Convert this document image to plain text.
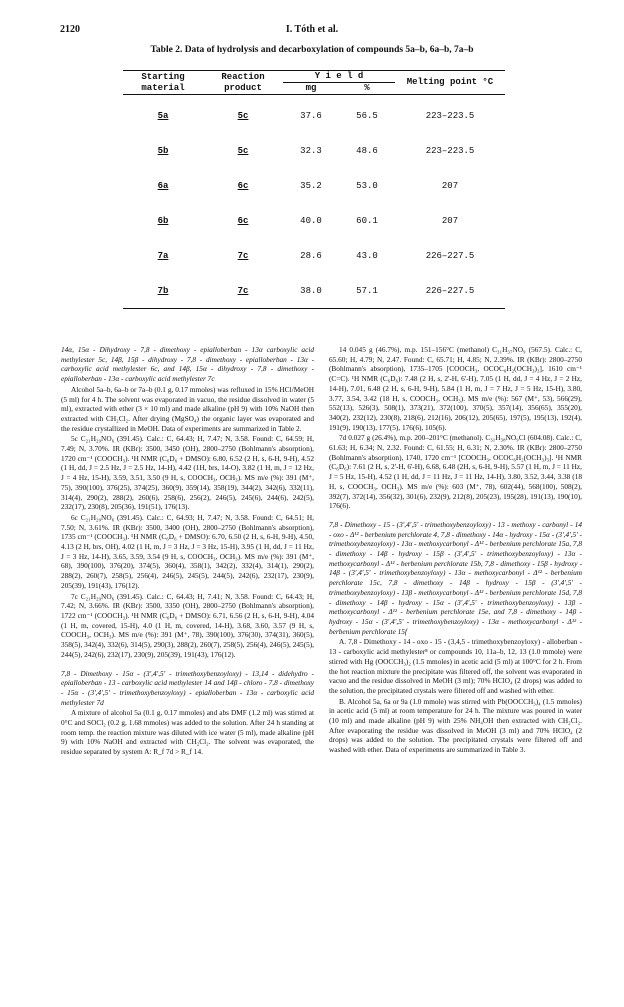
2120	I. Tóth et al.
Table 2. Data of hydrolysis and decarboxylation of compounds 5a–b, 6a–b, 7a–b
Starting material	Reaction product	Y i e l d		Melting point °C
		mg	%	

5a	5c	37.6	56.5	223–223.5
5b	5c	32.3	48.6	223–223.5
6a	6c	35.2	53.0	207
6b	6c	40.0	60.1	207
7a	7c	28.6	43.0	226–227.5
7b	7c	38.0	57.1	226–227.5

14α, 15α - Dihydroxy - 7,8 - dimethoxy - epialloberban - 13α carboxylic acid methylester 5c, 14β, 15β - dihydroxy - 7,8 - dimethoxy - epialloberban - 13α - carboxylic acid methylester 6c, and 14β, 15α - dihydroxy - 7,8 - dimethoxy - epialloberban - 13α - carboxylic acid methylester 7c

Alcohol 5a–b, 6a–b or 7a–b (0.1 g, 0.17 mmoles) was refluxed in 15% HCl/MeOH (5 ml) for 4 h. The solvent was evaporated in vacuo, the residue dissolved in water (5 ml), extracted with ether (3 × 10 ml) and made alkaline (pH 9) with 10% NaOH then extracted with CH₂Cl₂. After drying (MgSO₄) the organic layer was evaporated and the residue crystallized in MeOH. Data of experiments are summarized in Table 2.

5c C₂₁H₂₉NO₆ (391.45). Calc.: C, 64.43; H, 7.47; N, 3.58. Found: C, 64.59; H, 7.49; N, 3.70%. IR (KBr): 3500, 3450 (OH), 2800–2750 (Bohlmann's absorption), 1720 cm⁻¹ (COOCH₃). ¹H NMR (C₆D₆ + DMSO): 6.80, 6.52 (2 H, s, 6-H, 9-H), 4.52 (1 H, dd, J = 2.5 Hz, J = 2.5 Hz, 14-H), 4.42 (1H, brs, 14-O), 3.82 (1 H, m, J = 12 Hz, J = 4 Hz, 15-H), 3.59, 3.51, 3.50 (9 H, s, COOCH₃, OCH₃). MS m/e (%): 391 (M⁺, 75), 390(100), 376(25), 374(25), 360(9), 359(14), 358(19), 344(2), 342(6), 332(11), 314(4), 290(2), 288(2), 260(6), 258(6), 256(2), 246(5), 245(6), 244(6), 242(5), 232(17), 230(8), 205(36), 191(51), 176(13).

6c C₂₁H₂₉NO₆ (391.45). Calc.: C, 64.93; H, 7.47; N, 3.58. Found: C, 64.51; H, 7.50; N, 3.61%. IR (KBr): 3500, 3400 (OH), 2800–2750 (Bohlmann's absorption), 1735 cm⁻¹ (COOCH₃). ¹H NMR (C₆D₆ + DMSO): 6.70, 6.50 (2 H, s, 6-H, 9-H), 4.50, 4.13 (2 H, brs, OH), 4.02 (1 H, m, J = 3 Hz, J = 3 Hz, 15-H), 3.95 (1 H, dd, J = 11 Hz, J = 3 Hz, 14-H), 3.65, 3.59, 3.54 (9 H, s, COOCH₃, OCH₃). MS m/e (%): 391 (M⁺, 68), 390(100), 376(20), 374(5), 360(4), 358(1), 342(2), 332(4), 314(1), 290(2), 288(2), 260(7), 258(5), 256(4), 246(5), 245(5), 244(5), 242(6), 232(17), 230(9), 205(39), 191(43), 176(12).

7c C₂₁H₂₉NO₆ (391.45). Calc.: C, 64.43; H, 7.41; N, 3.58. Found: C, 64.43; H, 7.42; N, 3.66%. IR (KBr): 3500, 3350 (OH), 2800–2750 (Bohlmann's absorption), 1722 cm⁻¹ (COOCH₃). ¹H NMR (C₆D₆ + DMSO): 6.71, 6.56 (2 H, s, 6-H, 9-H), 4.04 (1 H, m, covered, 15-H), 4.0 (1 H, m, covered, 14-H), 3.68, 3.60, 3.57 (9 H, s, COOCH₃, OCH₃). MS m/e (%): 391 (M⁺, 78), 390(100), 376(30), 374(31), 360(5), 358(5), 342(4), 332(6), 314(5), 290(3), 288(2), 260(7), 258(5), 256(4), 246(5), 245(5), 244(5), 242(6), 232(17), 230(9), 205(39), 191(43), 176(12).

7,8 - Dimethoxy - 15α - (3',4',5' - trimethoxybenzoyloxy) - 13,14 - didehydro - epialloberban - 13 - carboxylic acid methylester 14 and 14β - chloro - 7,8 - dimethoxy - 15α - (3',4',5' - trimethoxybenzoyloxy) - epialloberban - 13α - carboxylic acid methylester 7d

A mixture of alcohol 5a (0.1 g, 0.17 mmoles) and abs DMF (1.2 ml) was stirred at 0°C and SOCl₂ (0.2 g, 1.68 mmoles) was added to the solution. After 24 h standing at room temp. the reaction mixture was diluted with ice water (5 ml), made alkaline (pH 9) with 10% NaOH and extracted with CH₂Cl₂. The solvent was evaporated, the residue separated by system A: R_f 7d > R_f 14.

14 0.045 g (46.7%), m.p. 151–156°C (methanol) C₃₁H₃₇NO₉ (567.5). Calc.: C, 65.60; H, 4.79; N, 2.47. Found: C, 65.71; H, 4.85; N, 2.39%. IR (KBr): 2800–2750 (Bohlmann's absorption), 1735–1705 [COOCH₃, OCOC₆H₂(OCH₃)₃], 1610 cm⁻¹ (C=C). ¹H NMR (C₆D₆): 7.48 (2 H, s, 2'-H, 6'-H), 7.05 (1 H, dd, J = 4 Hz, J = 2 Hz, 14-H), 7.01, 6.48 (2 H, s, 6-H, 9-H), 5.84 (1 H, m, J = 7 Hz, J = 5 Hz, 15-H), 3.80, 3.77, 3.54, 3.42 (18 H, s, COOCH₃, OCH₃). MS m/e (%): 567 (M⁺, 53), 566(29), 552(13), 526(3), 508(1), 373(21), 372(100), 370(5), 357(14), 356(65), 355(20), 340(2), 232(12), 230(8), 218(6), 212(16), 206(12), 205(65), 197(5), 195(13), 192(4), 191(9), 190(13), 177(5), 176(6), 105(6).

7d 0.027 g (26.4%), m.p. 200–201°C (methanol). C₃₁H₃₈NO₉Cl (604.08). Calc.: C, 61.63; H, 6.34; N, 2.32. Found: C, 61.55; H, 6.31; N, 2.30%. IR (KBr): 2800–2750 (Bohlmann's absorption), 1740, 1720 cm⁻¹ [COOCH₃, OCOC₆H₂(OCH₃)₃]. ¹H NMR (C₆D₆): 7.61 (2 H, s, 2'-H, 6'-H), 6.68, 6.48 (2H, s, 6-H, 9-H), 5.57 (1 H, m, J = 11 Hz, J = 5 Hz, 15-H), 4.52 (1 H, dd, J = 11 Hz, J = 11 Hz, 14-H), 3.80, 3.52, 3.44, 3.38 (18 H, s, COOCH₃, OCH₃). MS m/e (%): 603 (M⁺, 78), 602(44), 568(100), 508(2), 392(7), 372(14), 356(32), 301(6), 232(9), 212(8), 205(23), 195(28), 191(13), 190(10), 176(6).

7,8 - Dimethoxy - 15 - (3',4',5' - trimethoxybenzoyloxy) - 13 - methoxy - carbonyl - 14 - oxo - Δ¹² - berbenium perchlorate 4, 7,8 - dimethoxy - 14α - hydroxy - 15α - (3',4',5' - trimethoxybenzoyloxy) - 13α - methoxycarbonyl - Δ¹² - berbenium perchlorate 15a, 7,8 - dimethoxy - 14β - hydroxy - 15β - (3',4',5' - trimethoxybenzoyloxy) - 13α - methoxycarbonyl - Δ¹² - berbenium perchlorate 15b, 7,8 - dimethoxy - 15β - hydroxy - 14β - (3',4',5' - trimethoxybenzoyloxy) - 13α - methoxycarbonyl - Δ¹² - berbenium perchlorate 15c, 7,8 - dimethoxy - 14β - hydroxy - 15β - (3',4',5' - trimethoxybenzoyloxy) - 13β - methoxycarbonyl - Δ¹² - berbenium perchlorate 15d, 7,8 - dimethoxy - 14β - hydroxy - 15α - (3',4',5' - trimethoxybenzoyloxy) - 13β - methoxycarbonyl - Δ¹² - berbenium perchlorate 15e, and 7,8 - dimethoxy - 14β - hydroxy - 15α - (3',4',5' - trimethoxybenzoyloxy) - 13α - methoxycarbonyl - Δ¹² - berbenium perchlorate 15f

A. 7,8 - Dimethoxy - 14 - oxo - 15 - (3,4,5 - trimethoxybenzoyloxy) - alloberban - 13 - carboxylic acid methylester⁸ or compounds 10, 11a–b, 12, 13 (1.0 mmole) were stirred with Hg (OOCCH₃)₂ (1.5 mmoles) in acetic acid (5 ml) at 100°C for 2 h. From the hot reaction mixture the precipitate was filtered off, the solvent was evaporated in vacuo and the residue dissolved in MeOH (3 ml); 70% HClO₄ (2 drops) was added to the solution, the precipitated crystals were filtered off and washed with ether.

B. Alcohol 5a, 6a or 9a (1.0 mmole) was stirred with Pb(OOCCH₃)₄ (1.5 mmoles) in acetic acid (5 ml) at room temperature for 24 h. The mixture was poured in water (10 ml) and made alkaline (pH 9) with 25% NH₄OH then extracted with CH₂Cl₂. After evaporating the residue was dissolved in MeOH (3 ml) and 70% HClO₄ (2 drops) was added to the solution. The precipitated crystals were filtered off and washed with ether. Data of experiments are summarized in Table 3.
